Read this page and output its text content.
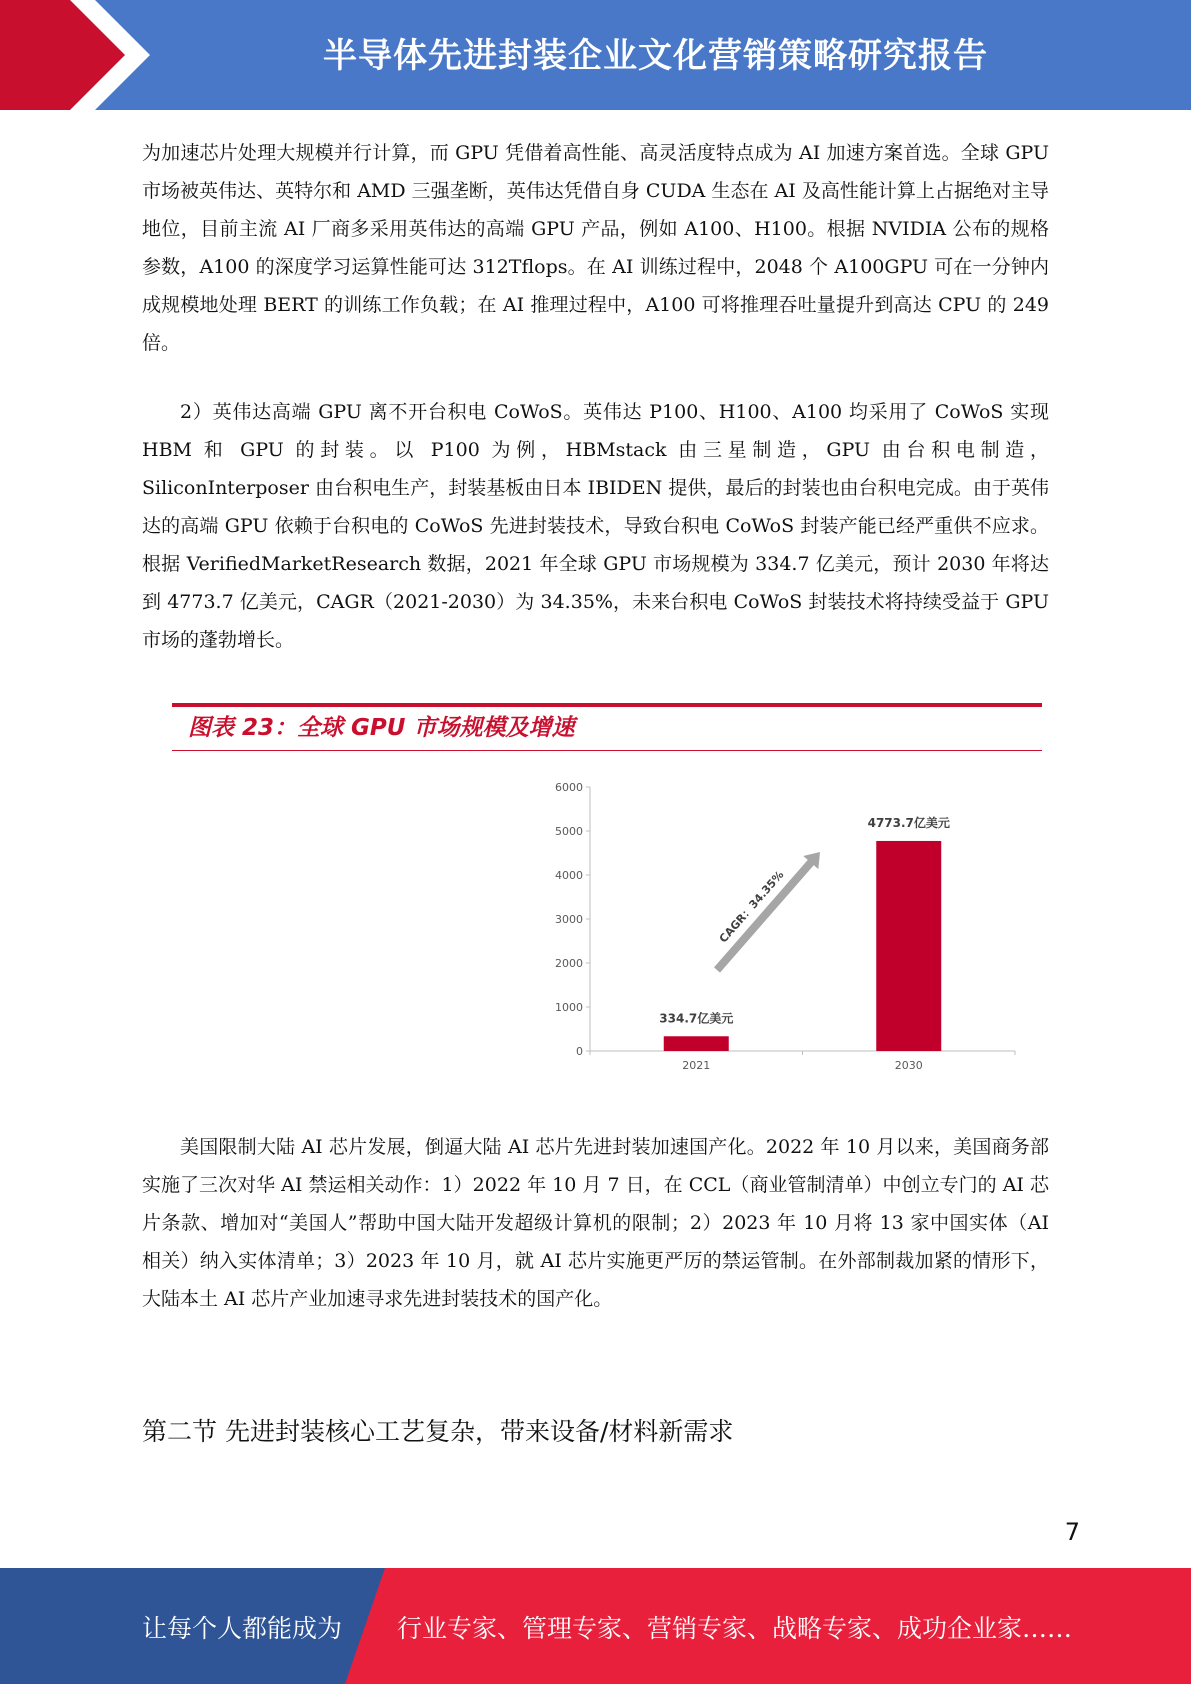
半导体先进封装企业文化营销策略研究报告

为加速芯片处理大规模并行计算，而 GPU 凭借着高性能、高灵活度特点成为 AI 加速方案首选。全球 GPU 市场被英伟达、英特尔和 AMD 三强垄断，英伟达凭借自身 CUDA 生态在 AI 及高性能计算上占据绝对主导地位，目前主流 AI 厂商多采用英伟达的高端 GPU 产品，例如 A100、H100。根据 NVIDIA 公布的规格参数，A100 的深度学习运算性能可达 312Tflops。在 AI 训练过程中，2048 个 A100GPU 可在一分钟内成规模地处理 BERT 的训练工作负载；在 AI 推理过程中，A100 可将推理吞吐量提升到高达 CPU 的 249 倍。

2）英伟达高端 GPU 离不开台积电 CoWoS。英伟达 P100、H100、A100 均采用了 CoWoS 实现 HBM 和 GPU 的封装。以 P100 为例，HBMstack 由三星制造，GPU 由台积电制造，SiliconInterposer 由台积电生产，封装基板由日本 IBIDEN 提供，最后的封装也由台积电完成。由于英伟达的高端 GPU 依赖于台积电的 CoWoS 先进封装技术，导致台积电 CoWoS 封装产能已经严重供不应求。根据 VerifiedMarketResearch 数据，2021 年全球 GPU 市场规模为 334.7 亿美元，预计 2030 年将达到 4773.7 亿美元，CAGR（2021-2030）为 34.35%，未来台积电 CoWoS 封装技术将持续受益于 GPU 市场的蓬勃增长。

图表 23：全球 GPU 市场规模及增速
0
1000
2000
3000
4000
5000
6000
CAGR：34.35%
2021
334.7亿美元
2030
4773.7亿美元

美国限制大陆 AI 芯片发展，倒逼大陆 AI 芯片先进封装加速国产化。2022 年 10 月以来，美国商务部实施了三次对华 AI 禁运相关动作：1）2022 年 10 月 7 日，在 CCL（商业管制清单）中创立专门的 AI 芯片条款、增加对“美国人”帮助中国大陆开发超级计算机的限制；2）2023 年 10 月将 13 家中国实体（AI 相关）纳入实体清单；3）2023 年 10 月，就 AI 芯片实施更严厉的禁运管制。在外部制裁加紧的情形下，大陆本土 AI 芯片产业加速寻求先进封装技术的国产化。

第二节 先进封装核心工艺复杂，带来设备/材料新需求
7
让每个人都能成为 行业专家、管理专家、营销专家、战略专家、成功企业家……
